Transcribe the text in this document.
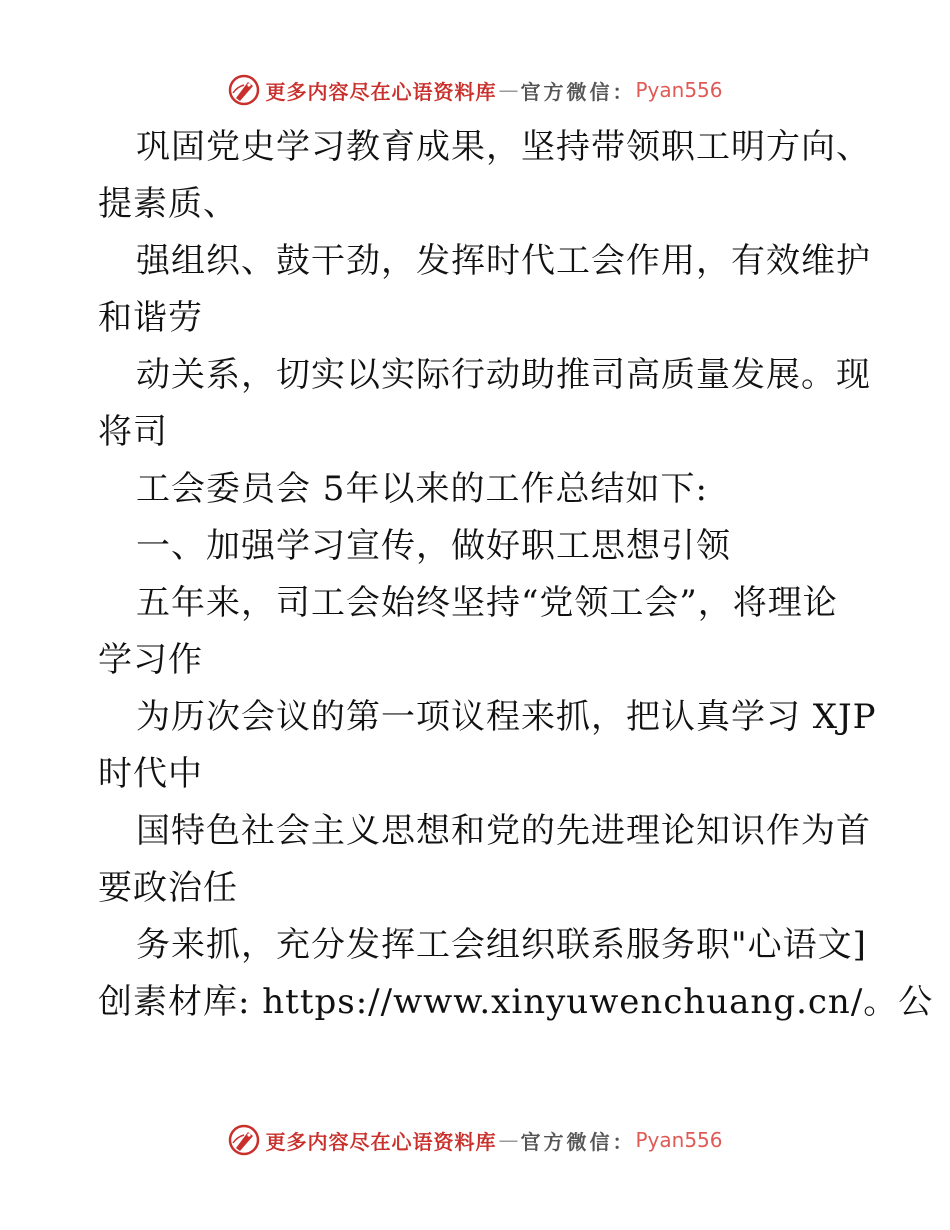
更多内容尽在心语资料库 — 官方微信： Pyan556
巩固党史学习教育成果，坚持带领职工明方向、
提素质、
强组织、鼓干劲，发挥时代工会作用，有效维护
和谐劳
动关系，切实以实际行动助推司高质量发展。现
将司
工会委员会 5年以来的工作总结如下:
一、加强学习宣传，做好职工思想引领
五年来，司工会始终坚持“党领工会”，将理论
学习作
为历次会议的第一项议程来抓，把认真学习 XJP
时代中
国特色社会主义思想和党的先进理论知识作为首
要政治任
务来抓，充分发挥工会组织联系服务职"心语文]
创素材库: https://www.xinyuwenchuang.cn/。公
更多内容尽在心语资料库 — 官方微信： Pyan556
